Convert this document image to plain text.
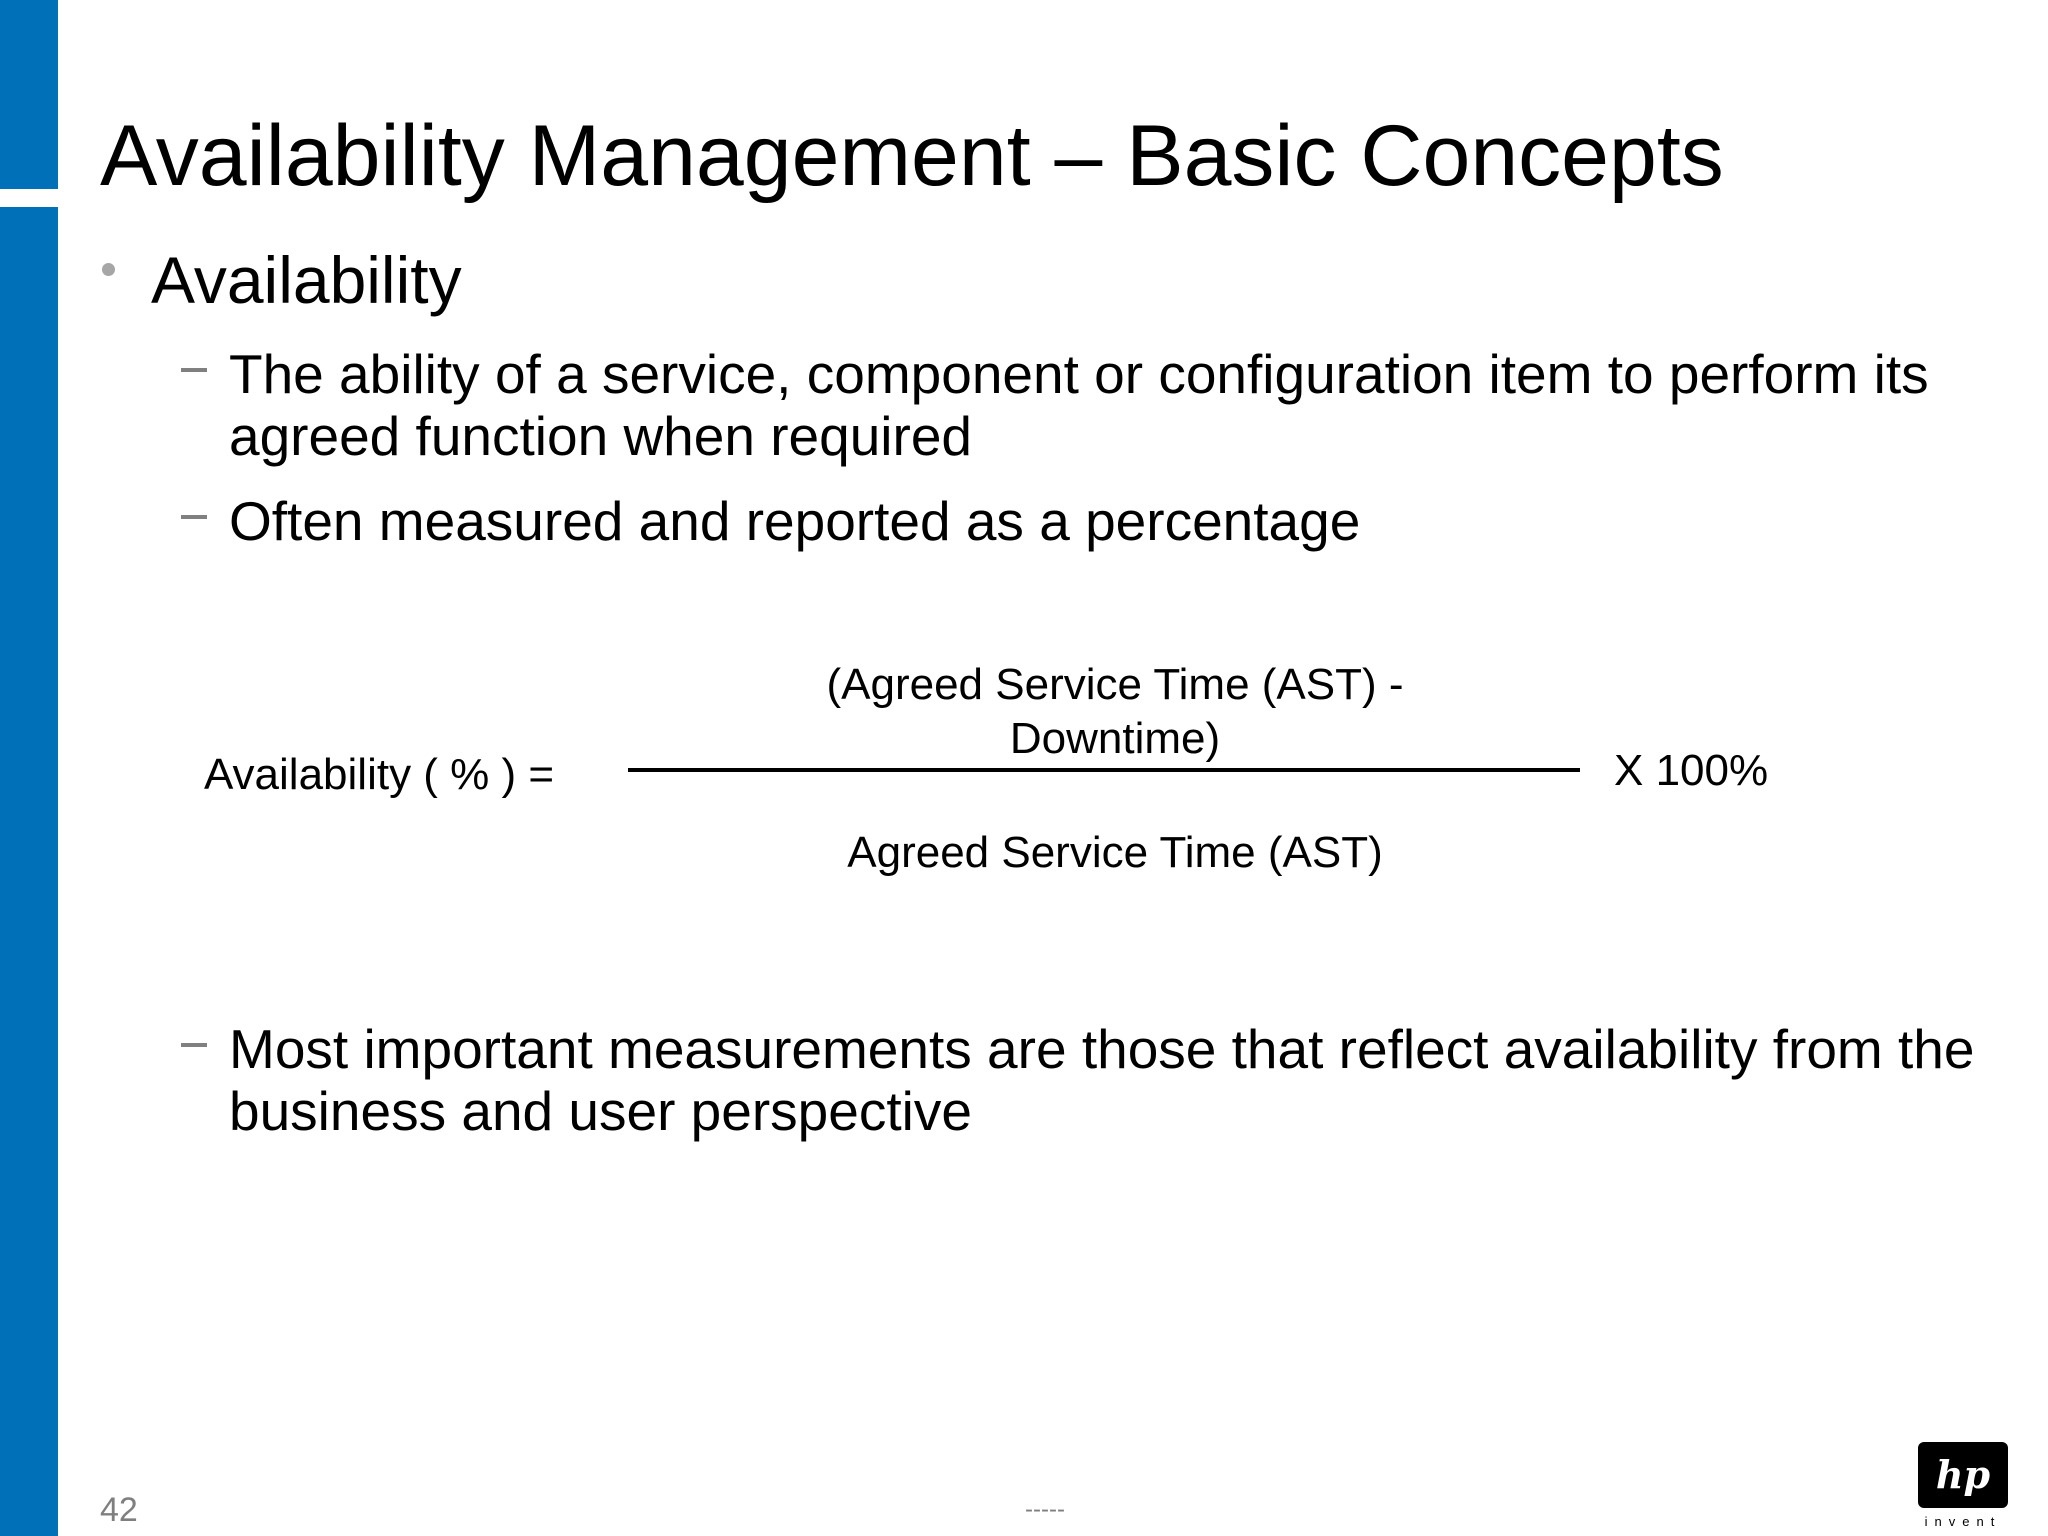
Availability Management – Basic Concepts
Availability
The ability of a service, component or configuration item to perform its agreed function when required
Often measured and reported as a percentage
Availability ( % ) =
(Agreed Service Time (AST) - Downtime)
Agreed Service Time (AST)
X 100%
Most important measurements are those that reflect availability from the business and user perspective
42	-----
hp
invent
